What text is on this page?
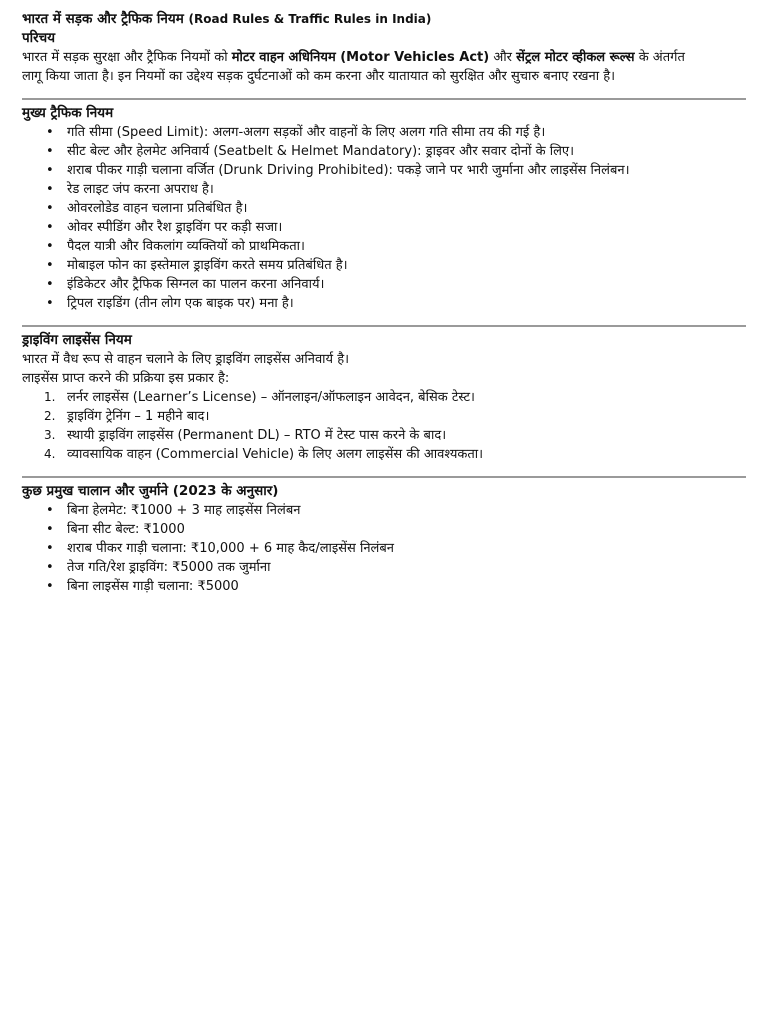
भारत में सड़क और ट्रैफिक नियम (Road Rules & Traffic Rules in India)
परिचय

भारत में सड़क सुरक्षा और ट्रैफिक नियमों को मोटर वाहन अधिनियम (Motor Vehicles Act) और सेंट्रल मोटर व्हीकल रूल्स के अंतर्गत
लागू किया जाता है। इन नियमों का उद्देश्य सड़क दुर्घटनाओं को कम करना और यातायात को सुरक्षित और सुचारु बनाए रखना है।

मुख्य ट्रैफिक नियम
• गति सीमा (Speed Limit): अलग-अलग सड़कों और वाहनों के लिए अलग गति सीमा तय की गई है।
• सीट बेल्ट और हेलमेट अनिवार्य (Seatbelt & Helmet Mandatory): ड्राइवर और सवार दोनों के लिए।
• शराब पीकर गाड़ी चलाना वर्जित (Drunk Driving Prohibited): पकड़े जाने पर भारी जुर्माना और लाइसेंस निलंबन।
• रेड लाइट जंप करना अपराध है।
• ओवरलोडेड वाहन चलाना प्रतिबंधित है।
• ओवर स्पीडिंग और रैश ड्राइविंग पर कड़ी सजा।
• पैदल यात्री और विकलांग व्यक्तियों को प्राथमिकता।
• मोबाइल फोन का इस्तेमाल ड्राइविंग करते समय प्रतिबंधित है।
• इंडिकेटर और ट्रैफिक सिग्नल का पालन करना अनिवार्य।
• ट्रिपल राइडिंग (तीन लोग एक बाइक पर) मना है।
ड्राइविंग लाइसेंस नियम

भारत में वैध रूप से वाहन चलाने के लिए ड्राइविंग लाइसेंस अनिवार्य है।

लाइसेंस प्राप्त करने की प्रक्रिया इस प्रकार है:

1. लर्नर लाइसेंस (Learner’s License) – ऑनलाइन/ऑफलाइन आवेदन, बेसिक टेस्ट।
2. ड्राइविंग ट्रेनिंग – 1 महीने बाद।
3. स्थायी ड्राइविंग लाइसेंस (Permanent DL) – RTO में टेस्ट पास करने के बाद।
4. व्यावसायिक वाहन (Commercial Vehicle) के लिए अलग लाइसेंस की आवश्यकता।
कुछ प्रमुख चालान और जुर्माने (2023 के अनुसार)
• बिना हेलमेट: ₹1000 + 3 माह लाइसेंस निलंबन
• बिना सीट बेल्ट: ₹1000
• शराब पीकर गाड़ी चलाना: ₹10,000 + 6 माह कैद/लाइसेंस निलंबन
• तेज गति/रेश ड्राइविंग: ₹5000 तक जुर्माना
• बिना लाइसेंस गाड़ी चलाना: ₹5000
